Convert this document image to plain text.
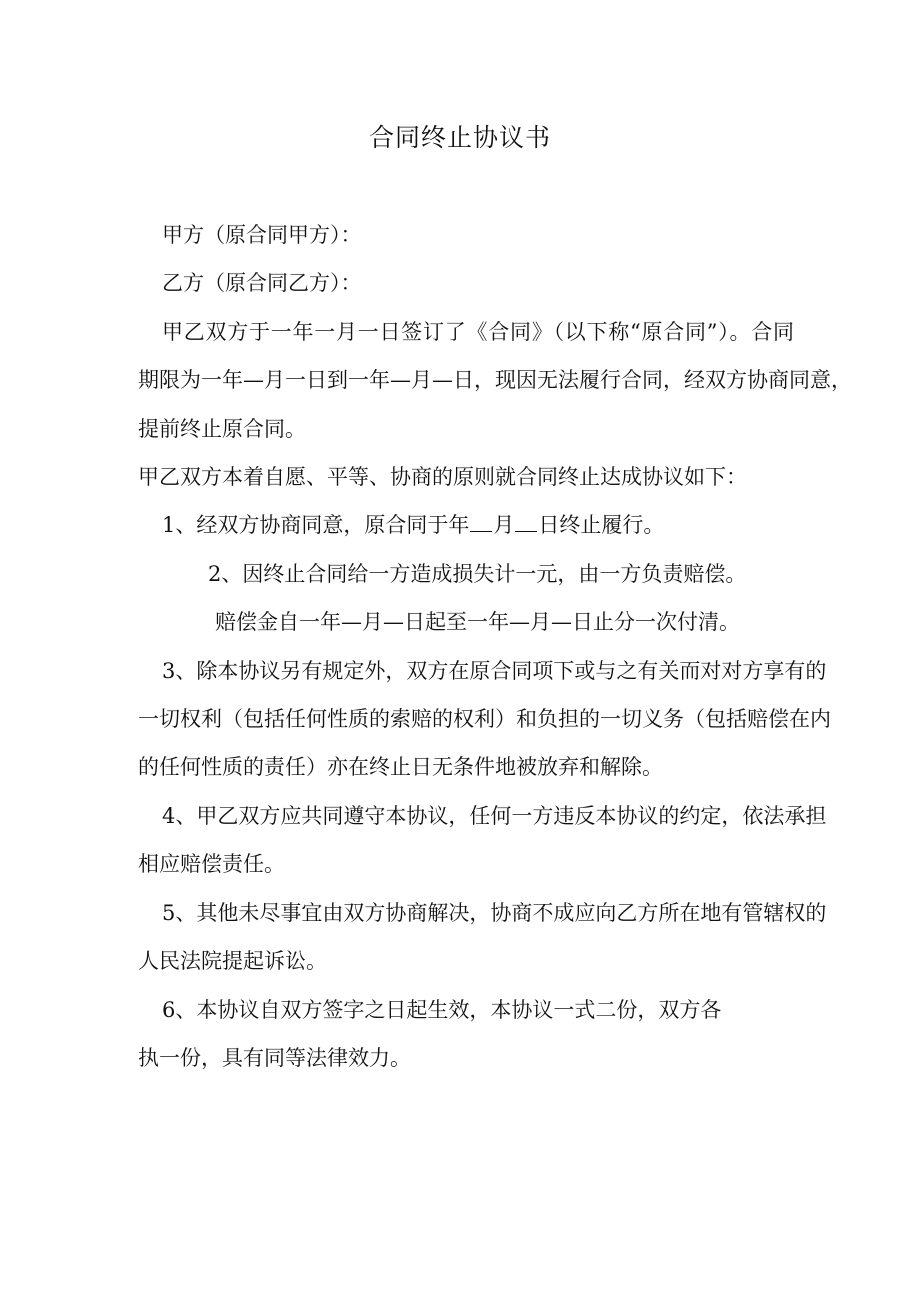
合同终止协议书

甲方（原合同甲方）：

乙方（原合同乙方）：

甲乙双方于一年一月一日签订了《合同》（以下称“原合同”）。合同

期限为一年—月一日到一年—月—日，现因无法履行合同，经双方协商同意，

提前终止原合同。

甲乙双方本着自愿、平等、协商的原则就合同终止达成协议如下：

1、经双方协商同意，原合同于年 月 日终止履行。

2、因终止合同给一方造成损失计一元，由一方负责赔偿。

赔偿金自一年—月—日起至一年—月—日止分一次付清。

3、除本协议另有规定外，双方在原合同项下或与之有关而对对方享有的

一切权利（包括任何性质的索赔的权利）和负担的一切义务（包括赔偿在内

的任何性质的责任）亦在终止日无条件地被放弃和解除。

4、甲乙双方应共同遵守本协议，任何一方违反本协议的约定，依法承担

相应赔偿责任。

5、其他未尽事宜由双方协商解决，协商不成应向乙方所在地有管辖权的

人民法院提起诉讼。

6、本协议自双方签字之日起生效，本协议一式二份，双方各

执一份，具有同等法律效力。
